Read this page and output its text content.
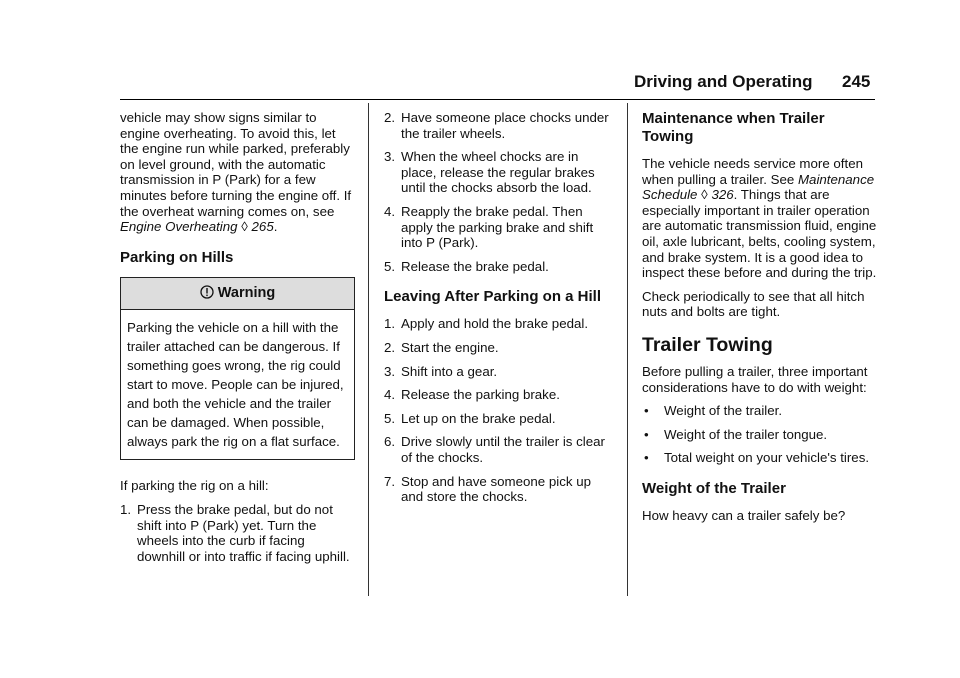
Driving and Operating 245

vehicle may show signs similar to engine overheating. To avoid this, let the engine run while parked, preferably on level ground, with the automatic transmission in P (Park) for a few minutes before turning the engine off. If the overheat warning comes on, see Engine Overheating ◊ 265.

Parking on Hills
Warning
Parking the vehicle on a hill with the trailer attached can be dangerous. If something goes wrong, the rig could start to move. People can be injured, and both the vehicle and the trailer can be damaged. When possible, always park the rig on a flat surface.

If parking the rig on a hill:

1. Press the brake pedal, but do not shift into P (Park) yet. Turn the wheels into the curb if facing downhill or into traffic if facing uphill.
2. Have someone place chocks under the trailer wheels.
3. When the wheel chocks are in place, release the regular brakes until the chocks absorb the load.
4. Reapply the brake pedal. Then apply the parking brake and shift into P (Park).
5. Release the brake pedal.
Leaving After Parking on a Hill
1. Apply and hold the brake pedal.
2. Start the engine.
3. Shift into a gear.
4. Release the parking brake.
5. Let up on the brake pedal.
6. Drive slowly until the trailer is clear of the chocks.
7. Stop and have someone pick up and store the chocks.
Maintenance when Trailer Towing

The vehicle needs service more often when pulling a trailer. See Maintenance Schedule ◊ 326. Things that are especially important in trailer operation are automatic transmission fluid, engine oil, axle lubricant, belts, cooling system, and brake system. It is a good idea to inspect these before and during the trip.

Check periodically to see that all hitch nuts and bolts are tight.

Trailer Towing

Before pulling a trailer, three important considerations have to do with weight:

• Weight of the trailer.
• Weight of the trailer tongue.
• Total weight on your vehicle's tires.
Weight of the Trailer

How heavy can a trailer safely be?
